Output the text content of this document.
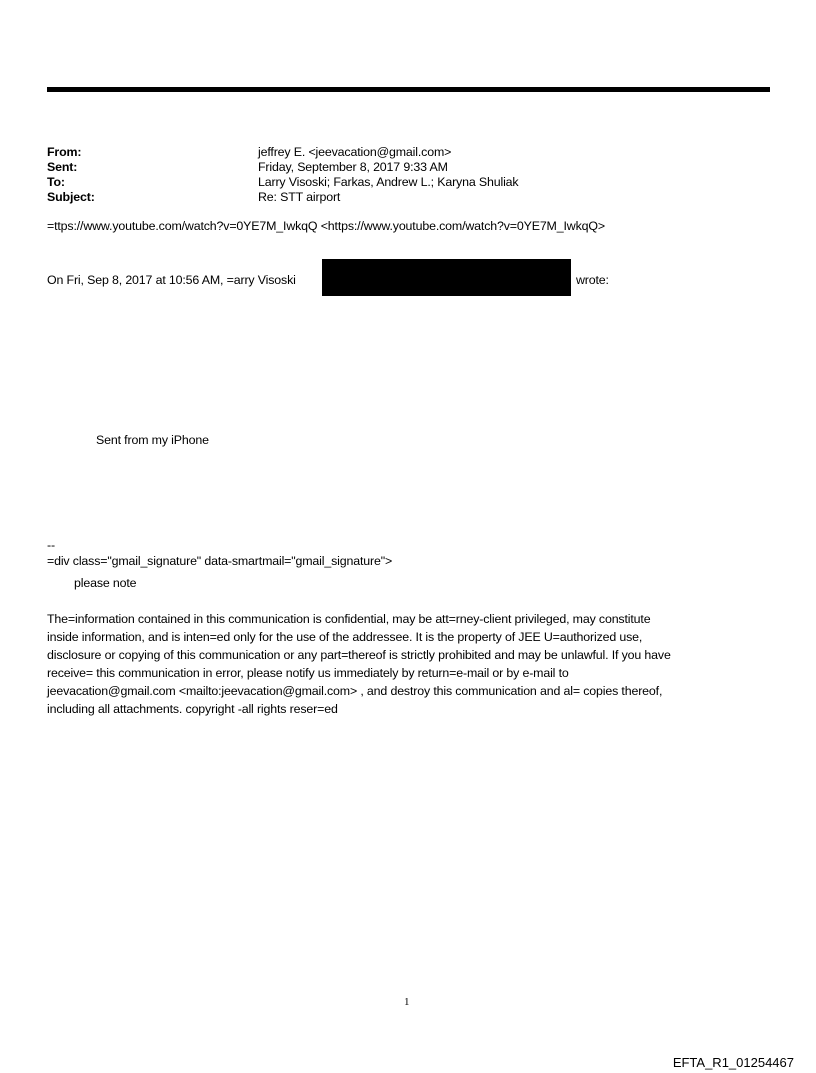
From:	jeffrey E. <jeevacation@gmail.com>
Sent:	Friday, September 8, 2017 9:33 AM
To:	Larry Visoski; Farkas, Andrew L.; Karyna Shuliak
Subject:	Re: STT airport
=ttps://www.youtube.com/watch?v=0YE7M_IwkqQ <https://www.youtube.com/watch?v=0YE7M_IwkqQ>
On Fri, Sep 8, 2017 at 10:56 AM, =arry Visoski	wrote:
Sent from my iPhone
--
=div class="gmail_signature" data-smartmail="gmail_signature">
please note
The=information contained in this communication is confidential, may be att=rney-client privileged, may constitute
inside information, and is inten=ed only for the use of the addressee. It is the property of JEE U=authorized use,
disclosure or copying of this communication or any part=thereof is strictly prohibited and may be unlawful. If you have
receive= this communication in error, please notify us immediately by return=e-mail or by e-mail to
jeevacation@gmail.com <mailto:jeevacation@gmail.com> , and destroy this communication and al= copies thereof,
including all attachments. copyright -all rights reser=ed
1
EFTA_R1_01254467
